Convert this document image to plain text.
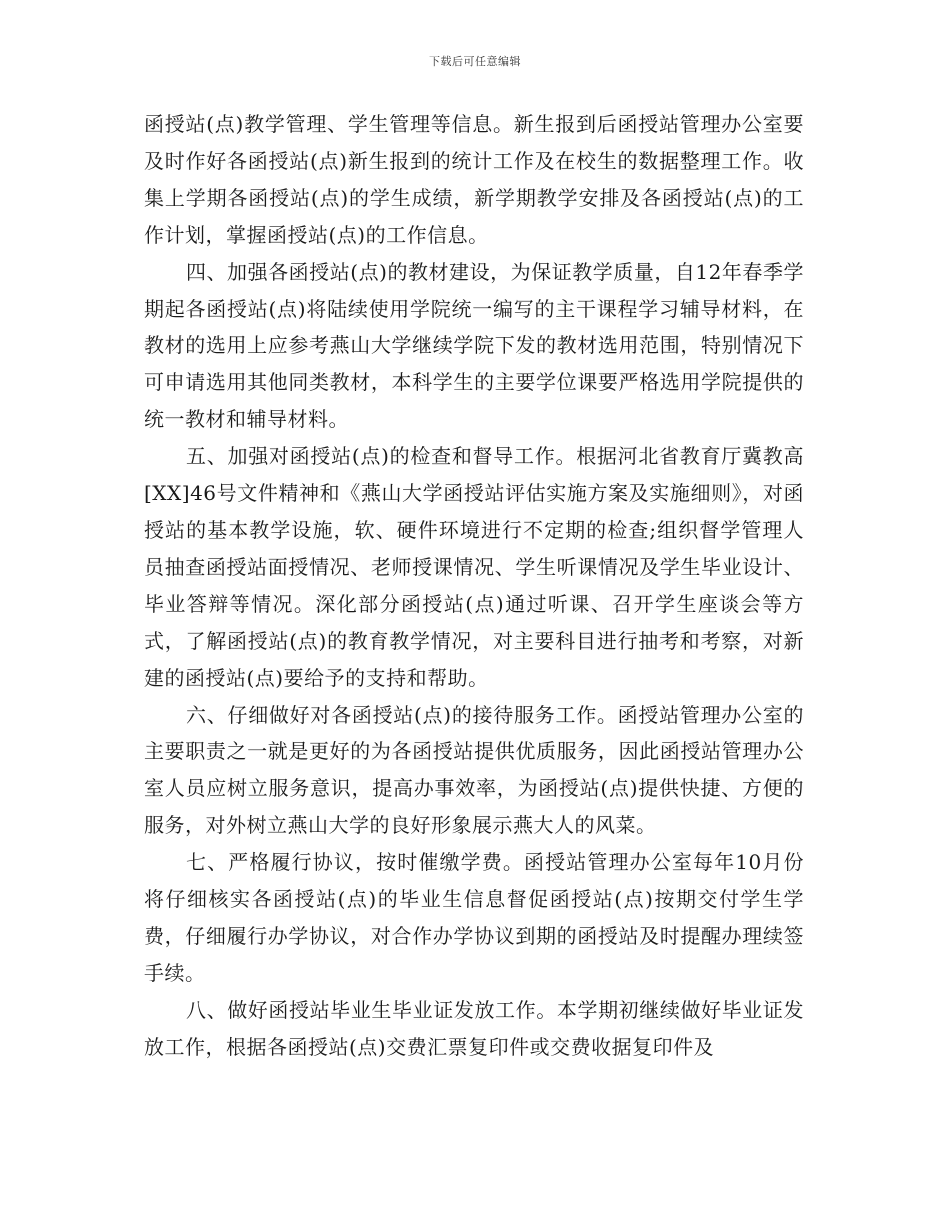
下载后可任意编辑

函授站(点)教学管理、学生管理等信息。新生报到后函授站管理办公室要及时作好各函授站(点)新生报到的统计工作及在校生的数据整理工作。收集上学期各函授站(点)的学生成绩，新学期教学安排及各函授站(点)的工作计划，掌握函授站(点)的工作信息。

四、加强各函授站(点)的教材建设，为保证教学质量，自12年春季学期起各函授站(点)将陆续使用学院统一编写的主干课程学习辅导材料，在教材的选用上应参考燕山大学继续学院下发的教材选用范围，特别情况下可申请选用其他同类教材，本科学生的主要学位课要严格选用学院提供的统一教材和辅导材料。

五、加强对函授站(点)的检查和督导工作。根据河北省教育厅冀教高[XX]46号文件精神和《燕山大学函授站评估实施方案及实施细则》，对函授站的基本教学设施，软、硬件环境进行不定期的检查;组织督学管理人员抽查函授站面授情况、老师授课情况、学生听课情况及学生毕业设计、毕业答辩等情况。深化部分函授站(点)通过听课、召开学生座谈会等方式，了解函授站(点)的教育教学情况，对主要科目进行抽考和考察，对新建的函授站(点)要给予的支持和帮助。

六、仔细做好对各函授站(点)的接待服务工作。函授站管理办公室的主要职责之一就是更好的为各函授站提供优质服务，因此函授站管理办公室人员应树立服务意识，提高办事效率，为函授站(点)提供快捷、方便的服务，对外树立燕山大学的良好形象展示燕大人的风菜。

七、严格履行协议，按时催缴学费。函授站管理办公室每年10月份将仔细核实各函授站(点)的毕业生信息督促函授站(点)按期交付学生学费，仔细履行办学协议，对合作办学协议到期的函授站及时提醒办理续签手续。

八、做好函授站毕业生毕业证发放工作。本学期初继续做好毕业证发放工作，根据各函授站(点)交费汇票复印件或交费收据复印件及
